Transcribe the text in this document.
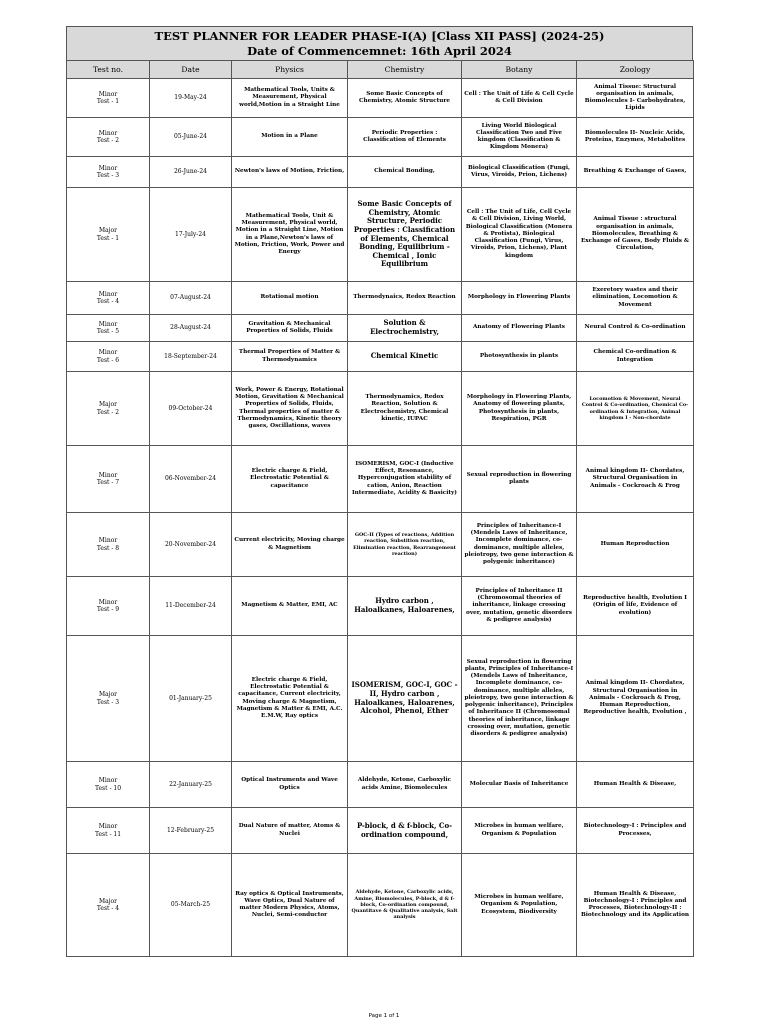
TEST PLANNER FOR LEADER PHASE-I(A) [Class XII PASS] (2024-25)
Date of Commencemnet: 16th April 2024
Test no.	Date	Physics	Chemistry	Botany	Zoology

Minor
Test - 1	19-May-24	Mathematical Tools, Units & Measurement, Physical world,Motion in a Straight Line	Some Basic Concepts of Chemistry, Atomic Structure	Cell : The Unit of Life & Cell Cycle & Cell Division	Animal Tissue: Structural organisation in animals, Biomolecules I- Carbohydrates, Lipids

Minor
Test - 2	05-June-24	Motion in a Plane	Periodic Properties : Classification of Elements	Living World Biological Classification Two and Five kingdom (Classification & Kingdom Monera)	Biomolecules II- Nucleic Acids, Proteins, Enzymes, Metabolites

Minor
Test - 3	26-June-24	Newton's laws of Motion, Friction,	Chemical Bonding,	Biological Classification (Fungi, Virus, Viroids, Prion, Lichens)	Breathing & Exchange of Gases,

Major
Test - 1	17-July-24	Mathematical Tools, Unit & Measurement, Physical world, Motion in a Straight Line, Motion in a Plane,Newton's laws of Motion, Friction, Work, Power and Energy	Some Basic Concepts of Chemistry, Atomic Structure, Periodic Properties : Classification of Elements, Chemical Bonding, Equilibrium - Chemical , Ionic Equilibrium	Cell : The Unit of Life, Cell Cycle & Cell Division, Living World, Biological Classification (Monera & Protista), Biological Classification (Fungi, Virus, Viroids, Prion, Lichens), Plant kingdom	Animal Tissue : structural organisation in animals, Biomolecules, Breathing & Exchange of Gases, Body Fluids & Circulation,

Minor
Test - 4	07-August-24	Rotational motion	Thermodynaics, Redox Reaction	Morphology in Flowering Plants	Exeretory wastes and their elimination, Locomotion & Movement

Minor
Test - 5	28-August-24	Gravitation & Mechanical Properties of Solids, Fluids	Solution & Electrochemistry,	Anatomy of Flowering Plants	Neural Control & Co-ordination

Minor
Test - 6	18-September-24	Thermal Properties of Matter & Thermodynamics	Chemical Kinetic	Photosynthesis in plants	Chemical Co-ordination & Integration

Major
Test - 2	09-October-24	Work, Power & Energy, Rotational Motion, Gravitation & Mechanical Properties of Solids, Fluids, Thermal properties of matter & Thermodynamics, Kinetic theory gases, Oscillations, waves	Thermodynamics, Redox Reaction, Solution & Electrochemistry, Chemical kinetic, IUPAC	Morphology in Flowering Plants, Anatomy of flowering plants, Photosynthesis in plants, Respiration, PGR	Locomotion & Movement, Neural Control & Co-ordination, Chemical Co-ordination & Integration, Animal kingdom I - Non-chordate

Minor
Test - 7	06-November-24	Electric charge & Field, Electrostatic Potential & capacitance	ISOMERISM, GOC-I (Inductive Effect, Resonance, Hyperconjugation stability of cation, Anion, Reaction Intermediate, Acidity & Basicity)	Sexual reproduction in flowering plants	Animal kingdom II- Chordates, Structural Organisation in Animals - Cockroach & Frog

Minor
Test - 8	20-November-24	Current electricity, Moving charge & Magnetism	GOC-II (Types of reactions, Addition reaction, Substition reaction, Elimination reaction, Rearrangement reaction)	Principles of Inheritance-I (Mendels Laws of Inheritance, Incomplete dominance, co-dominance, multiple alleles, pleiotropy, two gene interaction & polygenic inheritance)	Human Reproduction

Minor
Test - 9	11-December-24	Magnetism & Matter, EMI, AC	Hydro carbon , Haloalkanes, Haloarenes,	Principles of Inheritance II (Chromosomal theories of inheritance, linkage crossing over, mutation, genetic disorders & pedigree analysis)	Reproductive health, Evolution I (Origin of life, Evidence of evolution)

Major
Test - 3	01-January-25	Electric charge & Field, Electrostatic Potential & capacitance, Current electricity, Moving charge & Magnetism, Magnetism & Matter & EMI, A.C. E.M.W, Ray optics	ISOMERISM, GOC-I, GOC -II, Hydro carbon , Haloalkanes, Haloarenes, Alcohol, Phenol, Ether	Sexual reproduction in flowering plants, Principles of Inheritance-I (Mendels Laws of Inheritance, Incomplete dominance, co-dominance, multiple alleles, pleiotropy, two gene interaction & polygenic inheritance), Principles of Inheritance II (Chromosomal theories of inheritance, linkage crossing over, mutation, genetic disorders & pedigree analysis)	Animal kingdom II- Chordates, Structural Organisation in Animals - Cockroach & Frog, Human Reproduction, Reproductive health, Evolution ,

Minor
Test - 10	22-January-25	Optical Instruments and Wave Optics	Aldehyde, Ketone, Carboxylic acids Amine, Biomolecules	Molecular Basis of Inheritance	Human Health & Disease,

Minor
Test - 11	12-February-25	Dual Nature of matter, Atoms & Nuclei	P-block, d & f-block, Co-ordination compound,	Microbes in human welfare, Organism & Population	Biotechnology-I : Principles and Processes,

Major
Test - 4	05-March-25	Ray optics & Optical Instruments, Wave Optics, Dual Nature of matter Modern Physics, Atoms, Nuclei, Semi-conductor	Aldehyde, Ketone, Carboxylic acids, Amine, Biomolecules, P-block, d & f-block, Co-ordination compound, Quantitave & Qualitative analysis, Salt analysis	Microbes in human welfare, Organism & Population, Ecosystem, Biodiversity	Human Health & Disease, Biotechnology-I : Principles and Processes, Biotechnology-II : Biotechnology and its Application
Page 1 of 1
